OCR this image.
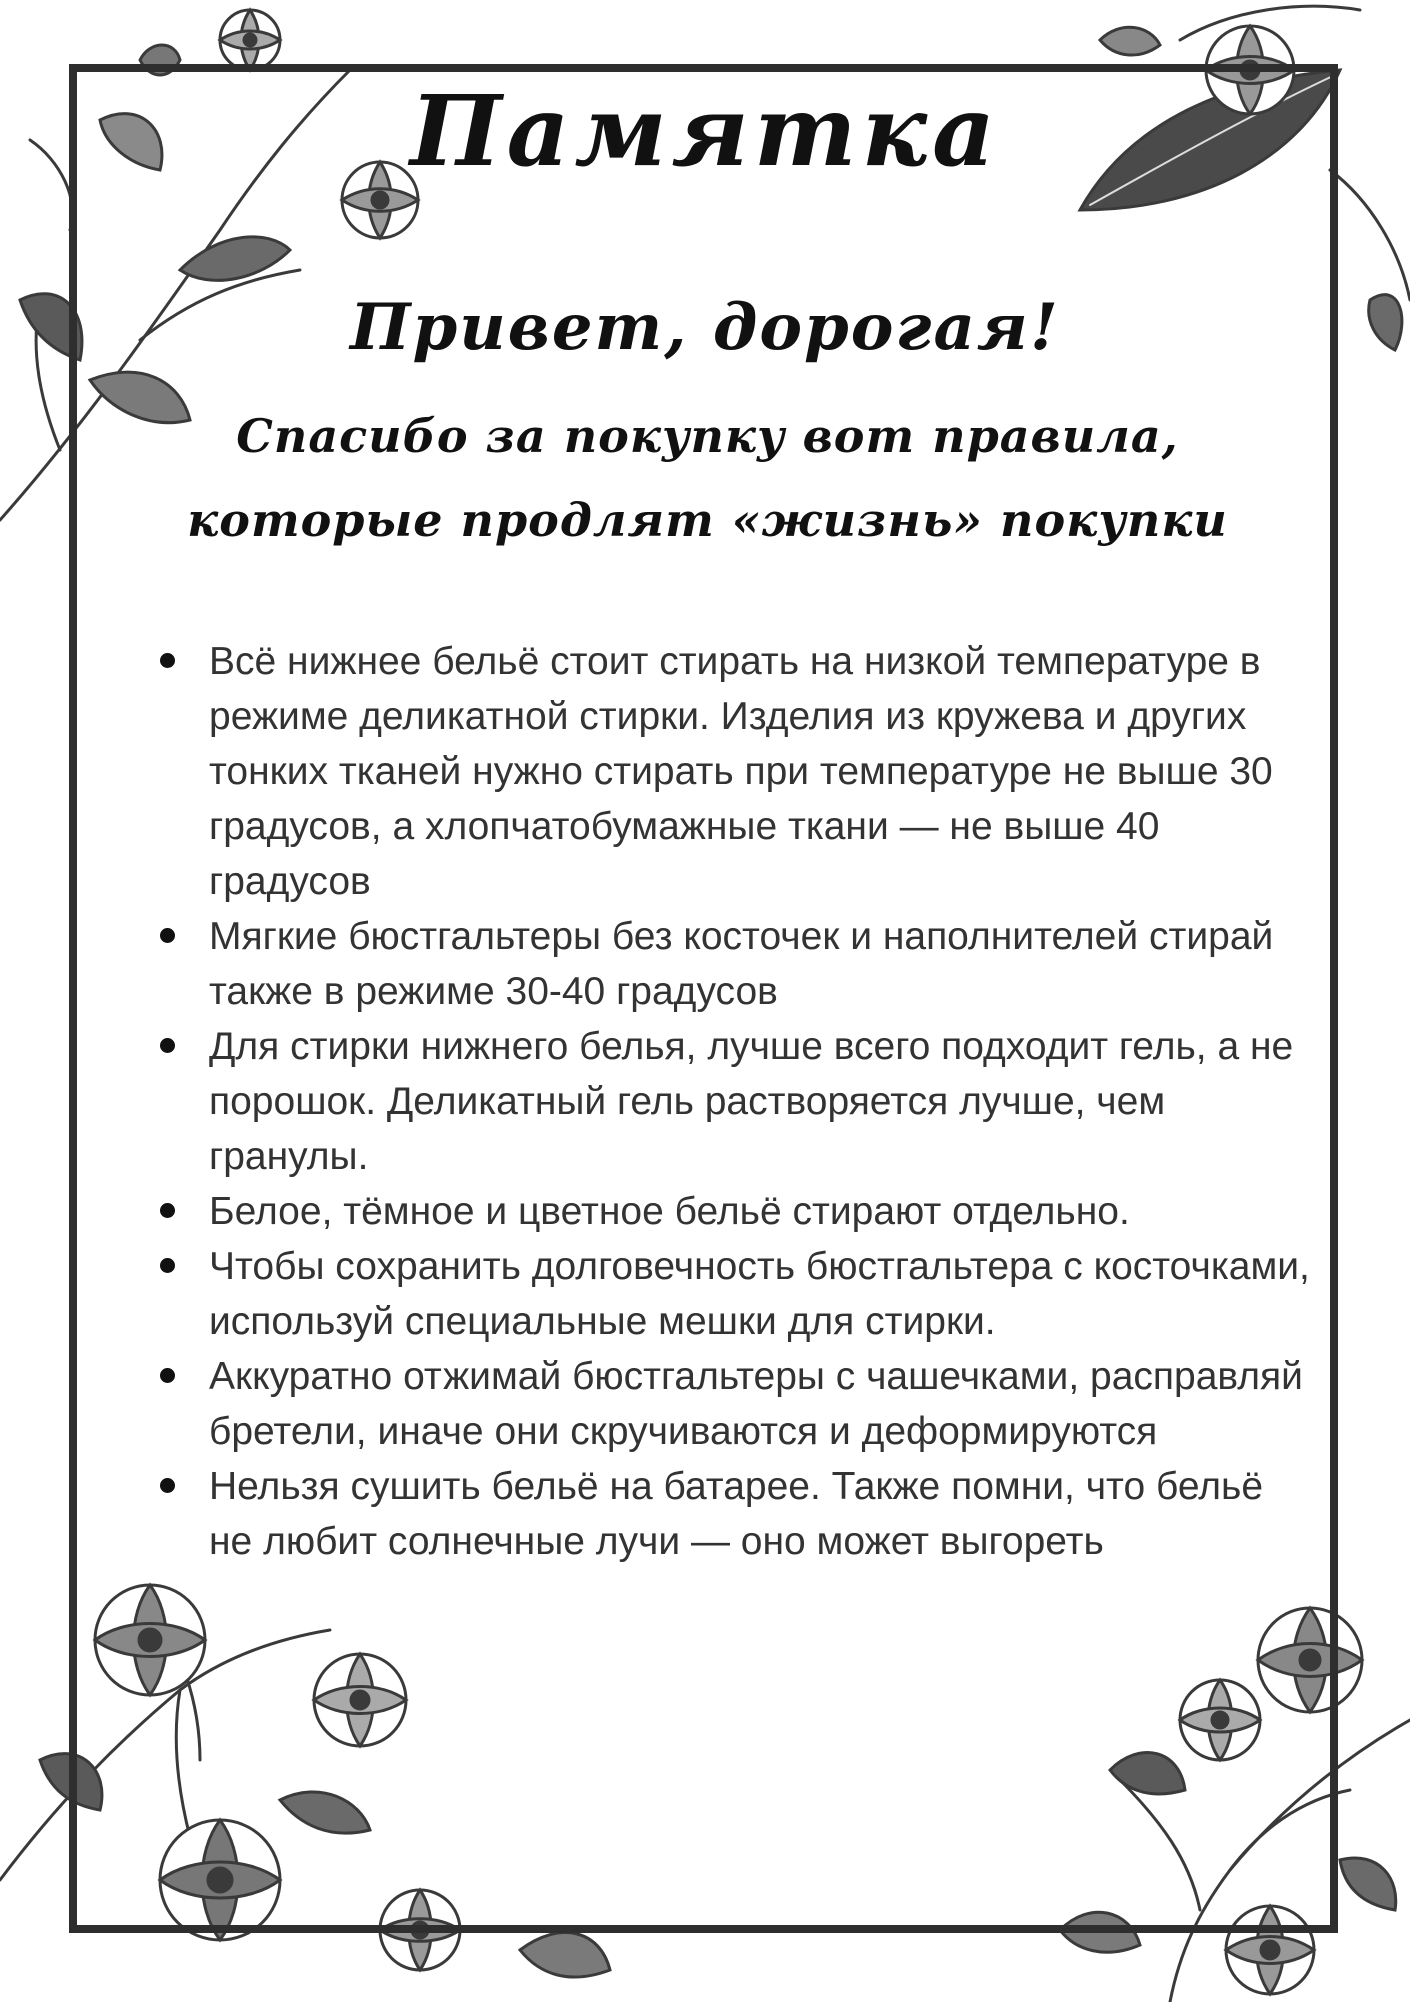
Памятка
Привет, дорогая!

Спасибо за покупку вот правила, которые продлят «жизнь» покупки

Всё нижнее бельё стоит стирать на низкой температуре в режиме деликатной стирки. Изделия из кружева и других тонких тканей нужно стирать при температуре не выше 30 градусов, а хлопчатобумажные ткани — не выше 40 градусов
Мягкие бюстгальтеры без косточек и наполнителей стирай также в режиме 30-40 градусов
Для стирки нижнего белья, лучше всего подходит гель, а не порошок. Деликатный гель растворяется лучше, чем гранулы.
Белое, тёмное и цветное бельё стирают отдельно.
Чтобы сохранить долговечность бюстгальтера с косточками, используй специальные мешки для стирки.
Аккуратно отжимай бюстгальтеры с чашечками, расправляй бретели, иначе они скручиваются и деформируются
Нельзя сушить бельё на батарее. Также помни, что бельё не любит солнечные лучи — оно может выгореть
